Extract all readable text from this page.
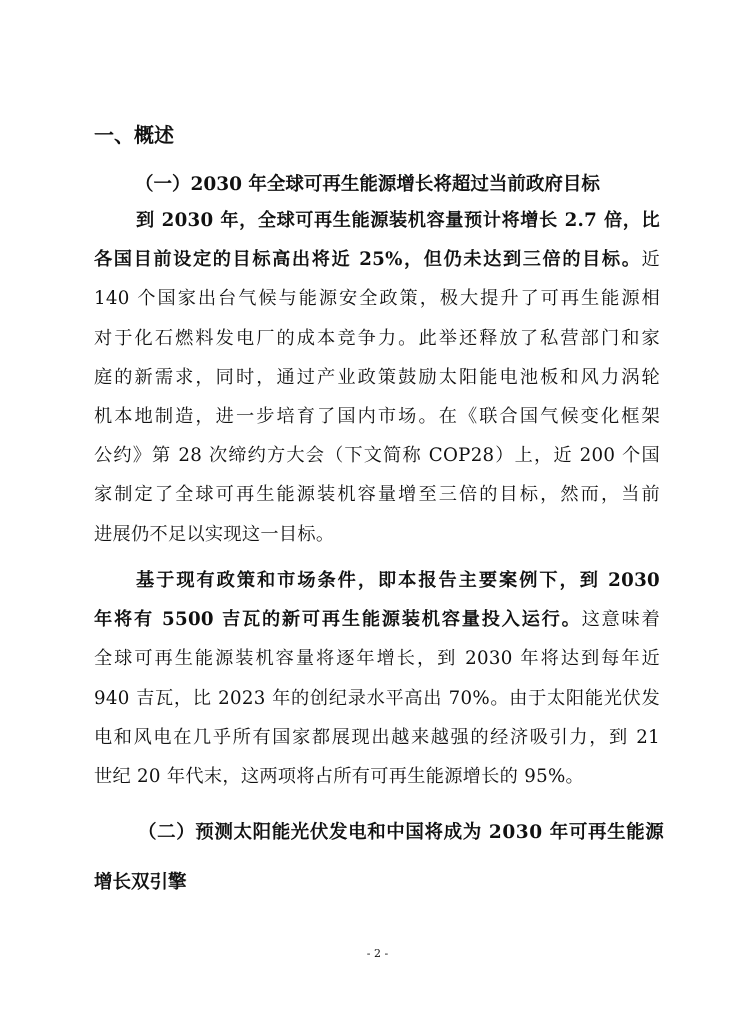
一、概述
（一）2030 年全球可再生能源增长将超过当前政府目标
到 2030 年，全球可再生能源装机容量预计将增长 2.7 倍，比
各国目前设定的目标高出将近 25%，但仍未达到三倍的目标。近
140 个国家出台气候与能源安全政策，极大提升了可再生能源相
对于化石燃料发电厂的成本竞争力。此举还释放了私营部门和家
庭的新需求，同时，通过产业政策鼓励太阳能电池板和风力涡轮
机本地制造，进一步培育了国内市场。在《联合国气候变化框架
公约》第 28 次缔约方大会（下文简称 COP28）上，近 200 个国
家制定了全球可再生能源装机容量增至三倍的目标，然而，当前
进展仍不足以实现这一目标。
基于现有政策和市场条件，即本报告主要案例下，到 2030
年将有 5500 吉瓦的新可再生能源装机容量投入运行。这意味着
全球可再生能源装机容量将逐年增长，到 2030 年将达到每年近
940 吉瓦，比 2023 年的创纪录水平高出 70%。由于太阳能光伏发
电和风电在几乎所有国家都展现出越来越强的经济吸引力，到 21
世纪 20 年代末，这两项将占所有可再生能源增长的 95%。
（二）预测太阳能光伏发电和中国将成为 2030 年可再生能源
增长双引擎
- 2 -
